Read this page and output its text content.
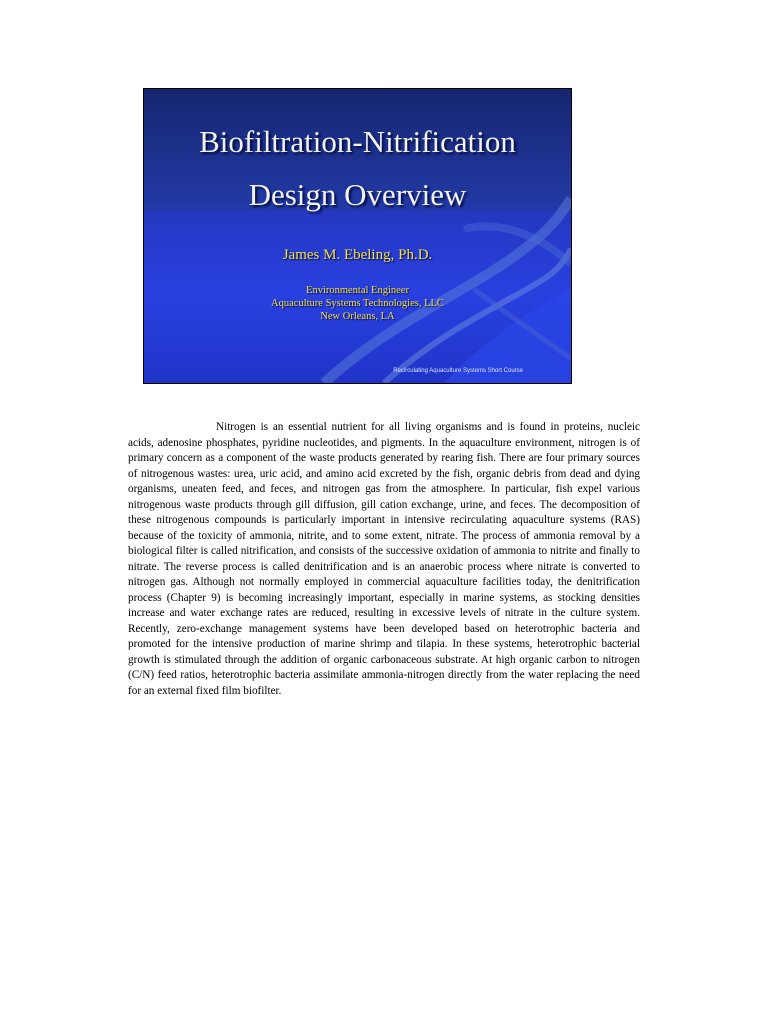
Biofiltration-Nitrification
Design Overview
James M. Ebeling, Ph.D.
Environmental Engineer
Aquaculture Systems Technologies, LLC
New Orleans, LA
Recirculating Aquaculture Systems Short Course

Nitrogen is an essential nutrient for all living organisms and is found in proteins, nucleic acids, adenosine phosphates, pyridine nucleotides, and pigments. In the aquaculture environment, nitrogen is of primary concern as a component of the waste products generated by rearing fish. There are four primary sources of nitrogenous wastes: urea, uric acid, and amino acid excreted by the fish, organic debris from dead and dying organisms, uneaten feed, and feces, and nitrogen gas from the atmosphere. In particular, fish expel various nitrogenous waste products through gill diffusion, gill cation exchange, urine, and feces. The decomposition of these nitrogenous compounds is particularly important in intensive recirculating aquaculture systems (RAS) because of the toxicity of ammonia, nitrite, and to some extent, nitrate. The process of ammonia removal by a biological filter is called nitrification, and consists of the successive oxidation of ammonia to nitrite and finally to nitrate. The reverse process is called denitrification and is an anaerobic process where nitrate is converted to nitrogen gas. Although not normally employed in commercial aquaculture facilities today, the denitrification process (Chapter 9) is becoming increasingly important, especially in marine systems, as stocking densities increase and water exchange rates are reduced, resulting in excessive levels of nitrate in the culture system. Recently, zero-exchange management systems have been developed based on heterotrophic bacteria and promoted for the intensive production of marine shrimp and tilapia. In these systems, heterotrophic bacterial growth is stimulated through the addition of organic carbonaceous substrate. At high organic carbon to nitrogen (C/N) feed ratios, heterotrophic bacteria assimilate ammonia-nitrogen directly from the water replacing the need for an external fixed film biofilter.
